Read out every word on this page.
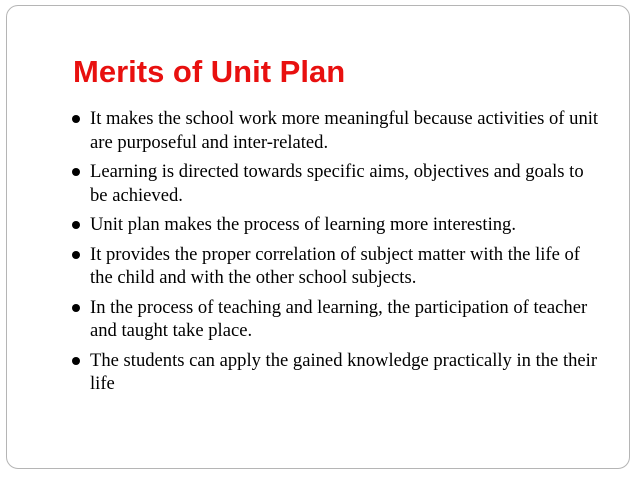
Merits of Unit Plan
It makes the school work more meaningful because activities of unit are purposeful and inter-related.
Learning is directed towards specific aims, objectives and goals to be achieved.
Unit plan makes the process of learning more interesting.
It provides the proper correlation of subject matter with the life of the child and with the other school subjects.
In the process of teaching and learning, the participation of teacher and taught take place.
The students can apply the gained knowledge practically in the their life
